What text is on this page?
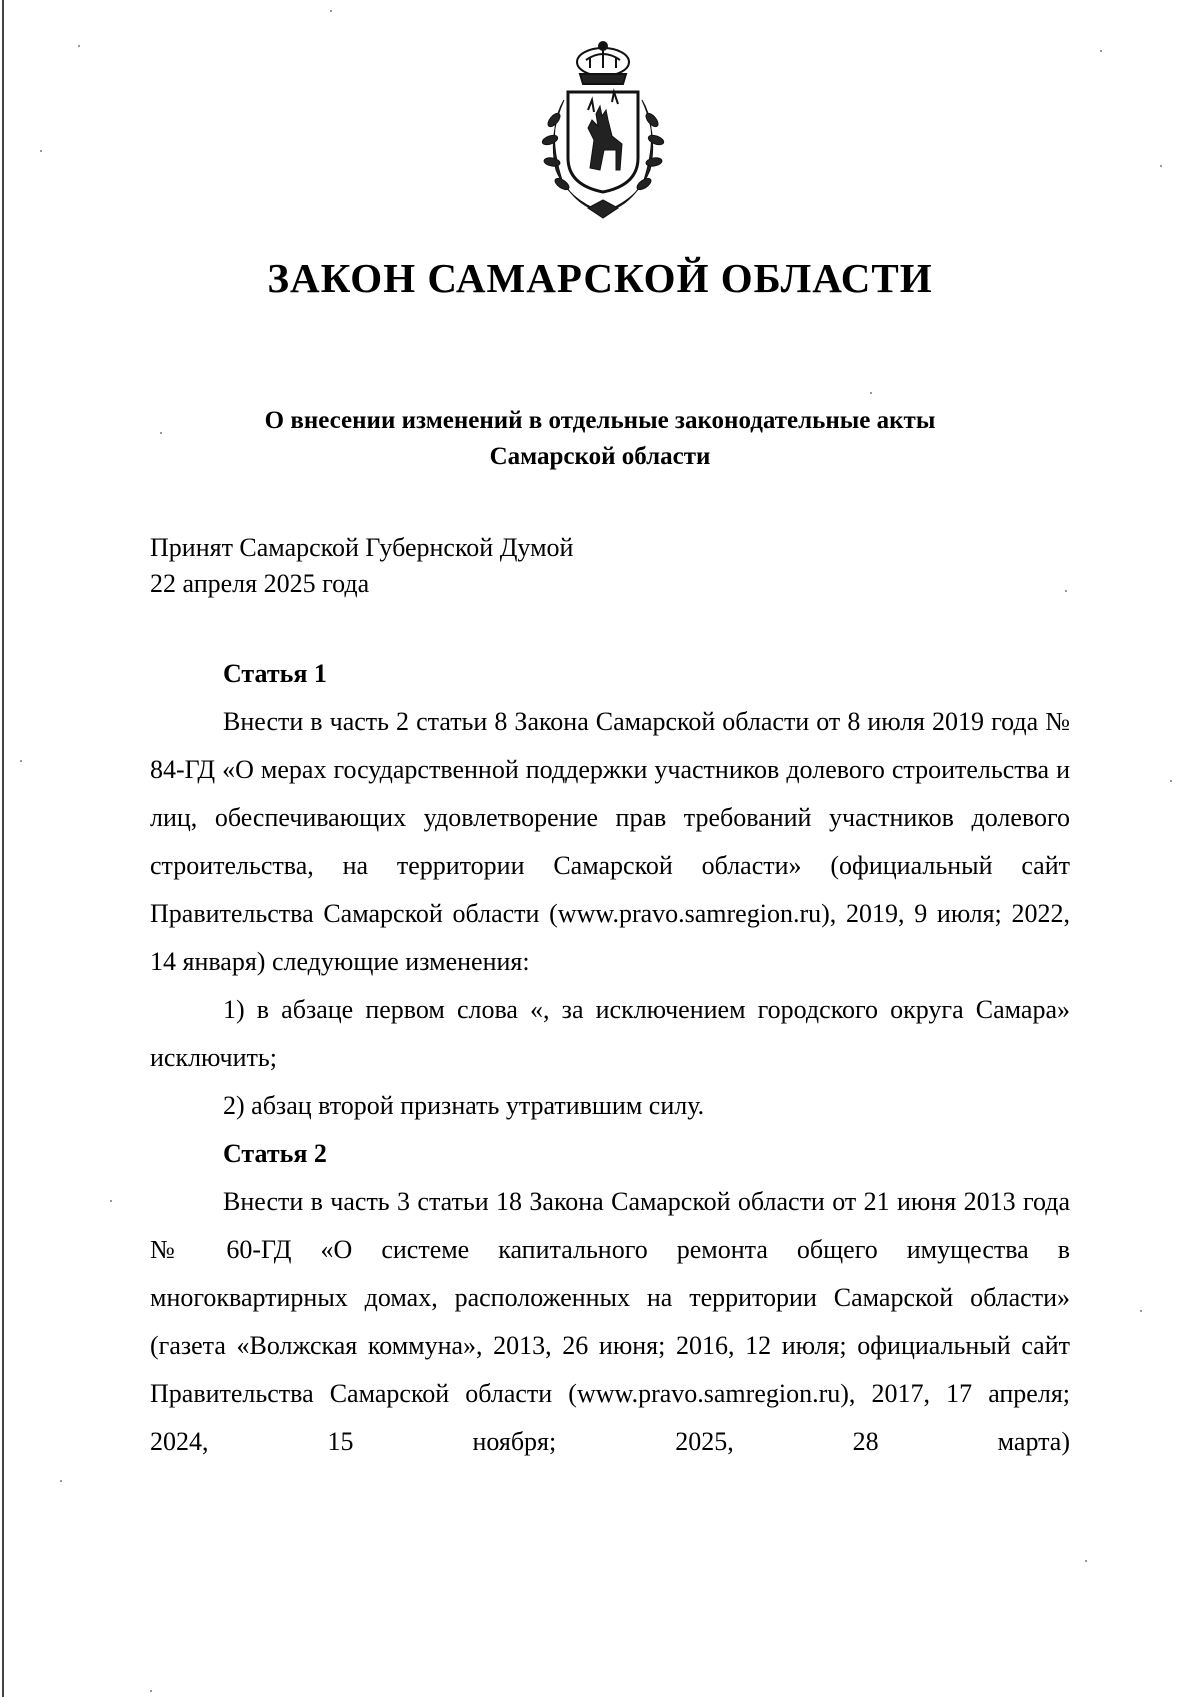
ЗАКОН САМАРСКОЙ ОБЛАСТИ
О внесении изменений в отдельные законодательные акты
Самарской области
Принят Самарской Губернской Думой
22 апреля 2025 года

Статья 1

Внести в часть 2 статьи 8 Закона Самарской области от 8 июля 2019 года № 84-ГД «О мерах государственной поддержки участников долевого строительства и лиц, обеспечивающих удовлетворение прав требований участников долевого строительства, на территории Самарской области» (официальный сайт Правительства Самарской области (www.pravo.samregion.ru), 2019, 9 июля; 2022, 14 января) следующие изменения:

1) в абзаце первом слова «, за исключением городского округа Самара» исключить;

2) абзац второй признать утратившим силу.

Статья 2

Внести в часть 3 статьи 18 Закона Самарской области от 21 июня 2013 года № 60-ГД «О системе капитального ремонта общего имущества в многоквартирных домах, расположенных на территории Самарской области» (газета «Волжская коммуна», 2013, 26 июня; 2016, 12 июля; официальный сайт Правительства Самарской области (www.pravo.samregion.ru), 2017, 17 апреля; 2024, 15 ноября; 2025, 28 марта)
